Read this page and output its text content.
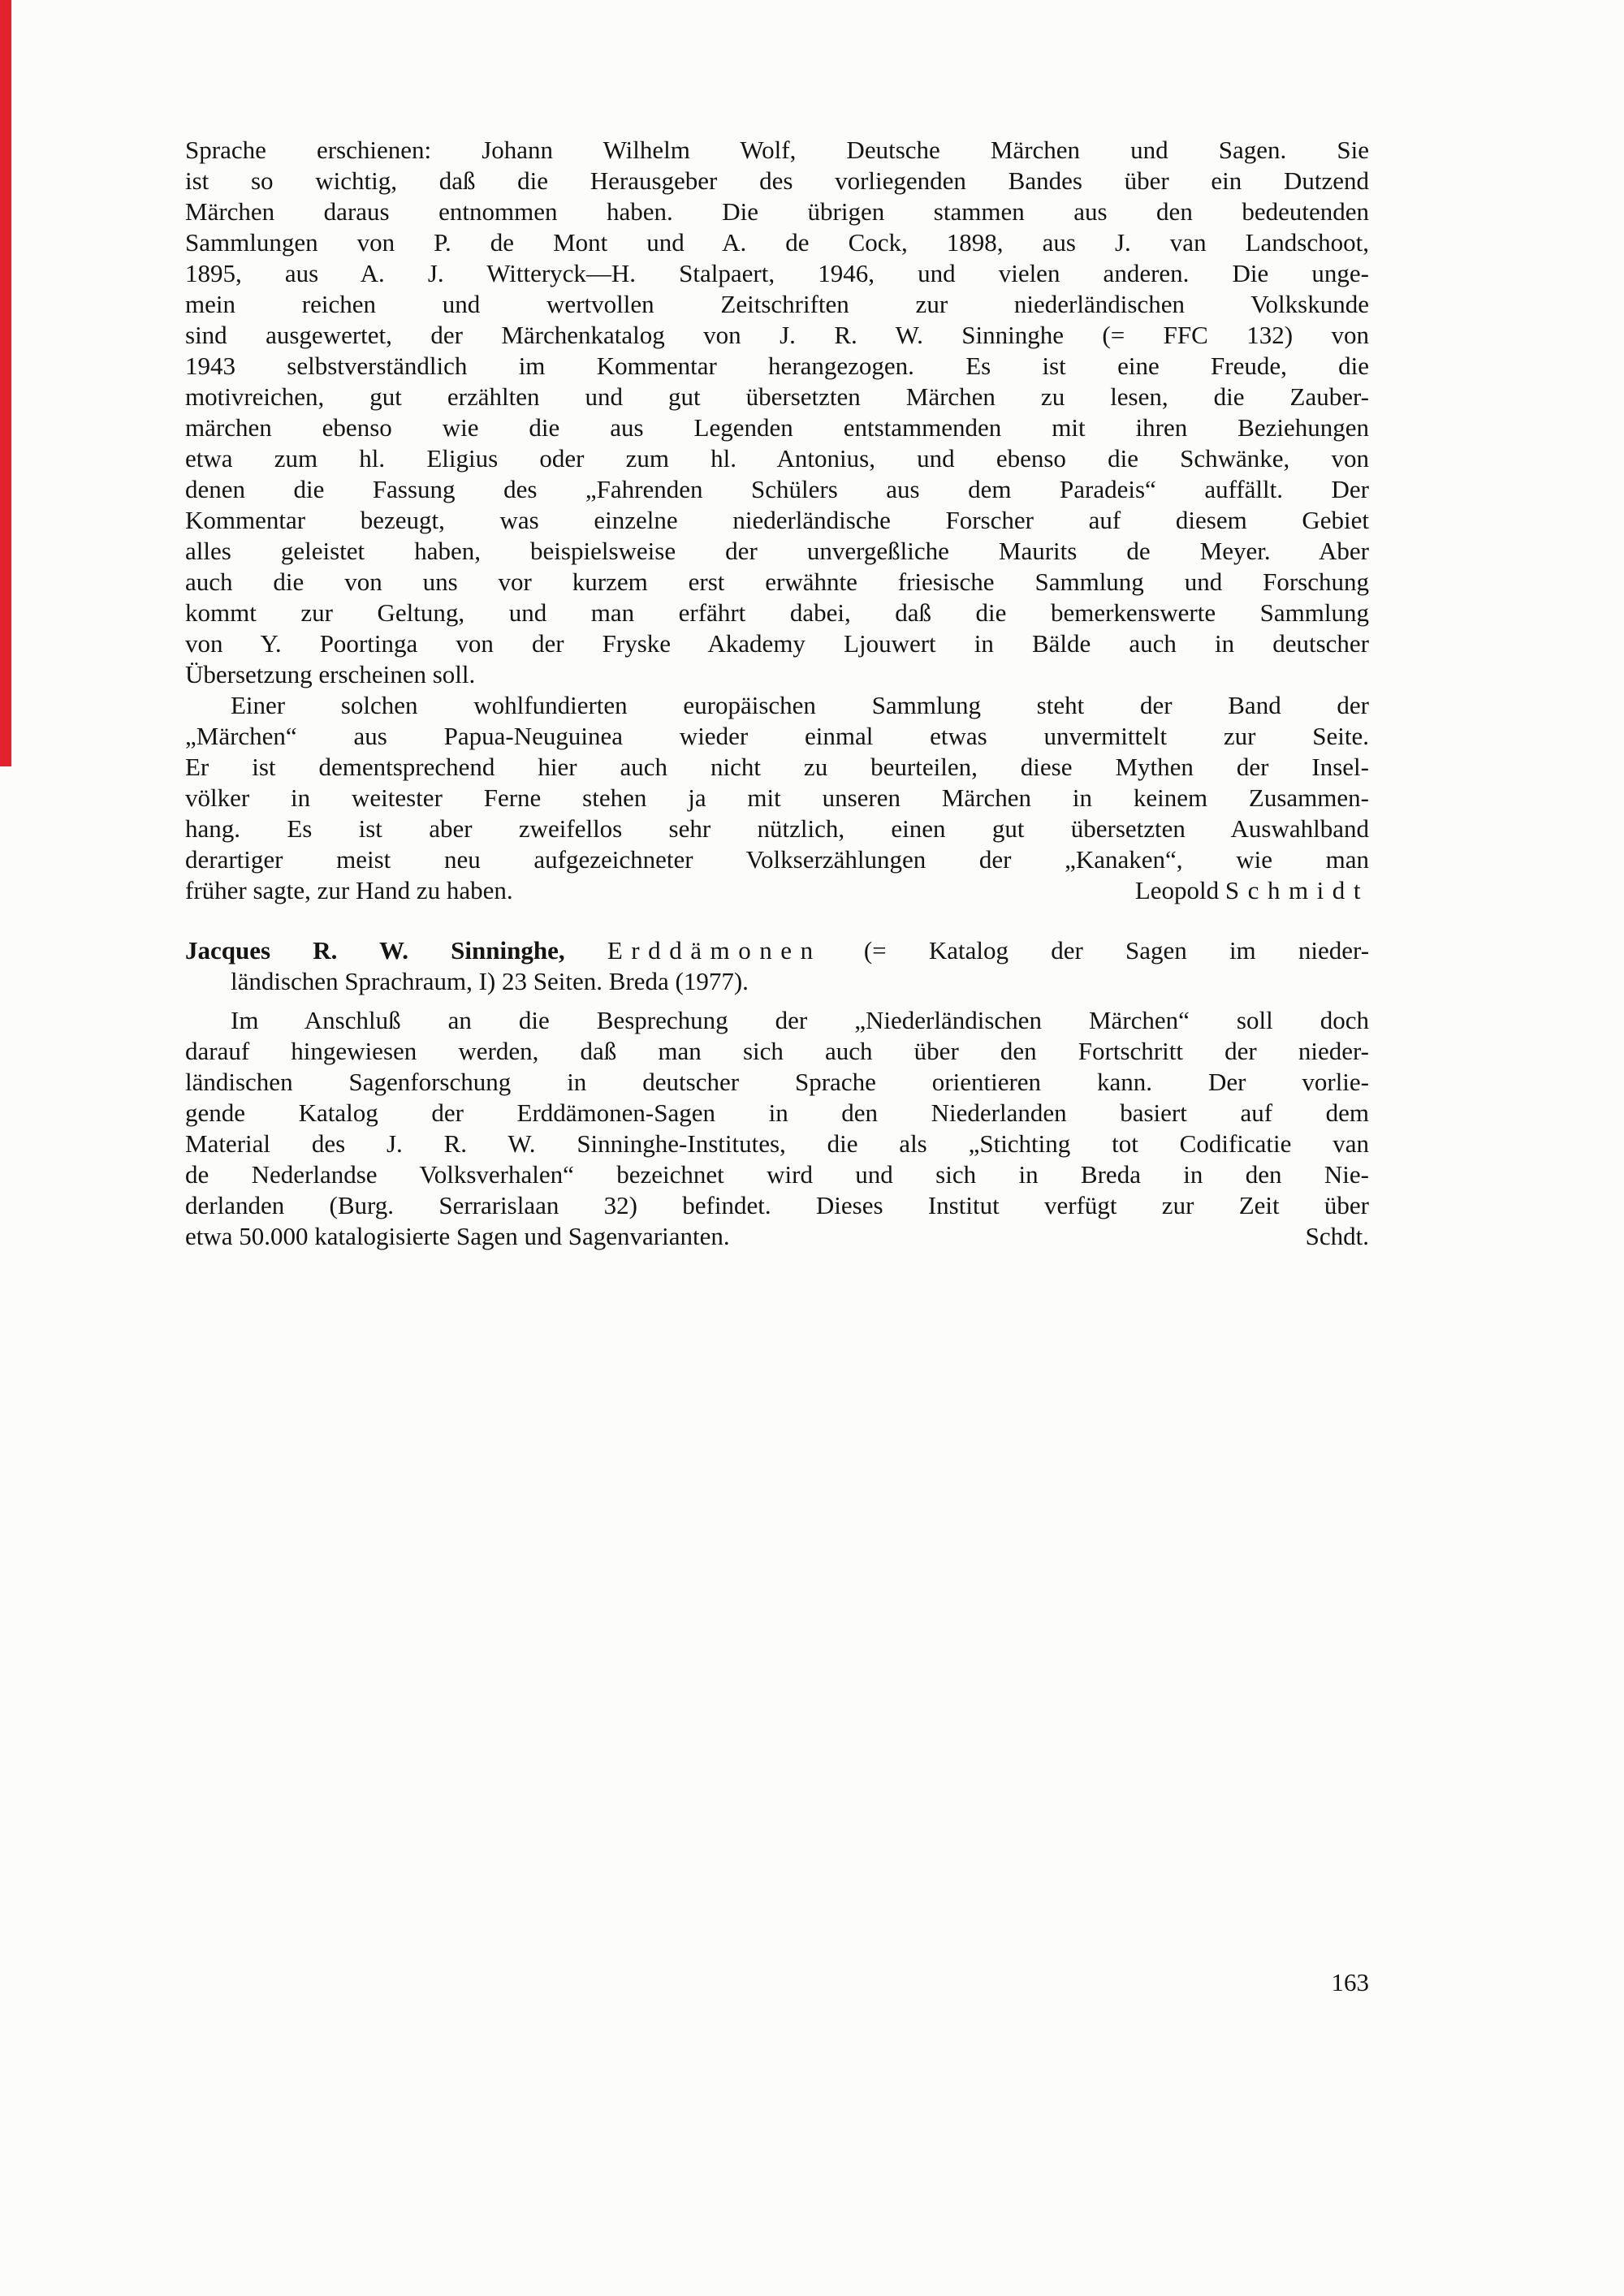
Sprache erschienen: Johann Wilhelm Wolf, Deutsche Märchen und Sagen. Sie
ist so wichtig, daß die Herausgeber des vorliegenden Bandes über ein Dutzend
Märchen daraus entnommen haben. Die übrigen stammen aus den bedeutenden
Sammlungen von P. de Mont und A. de Cock, 1898, aus J. van Landschoot,
1895, aus A. J. Witteryck—H. Stalpaert, 1946, und vielen anderen. Die unge-
mein reichen und wertvollen Zeitschriften zur niederländischen Volkskunde
sind ausgewertet, der Märchenkatalog von J. R. W. Sinninghe (= FFC 132) von
1943 selbstverständlich im Kommentar herangezogen. Es ist eine Freude, die
motivreichen, gut erzählten und gut übersetzten Märchen zu lesen, die Zauber-
märchen ebenso wie die aus Legenden entstammenden mit ihren Beziehungen
etwa zum hl. Eligius oder zum hl. Antonius, und ebenso die Schwänke, von
denen die Fassung des „Fahrenden Schülers aus dem Paradeis“ auffällt. Der
Kommentar bezeugt, was einzelne niederländische Forscher auf diesem Gebiet
alles geleistet haben, beispielsweise der unvergeßliche Maurits de Meyer. Aber
auch die von uns vor kurzem erst erwähnte friesische Sammlung und Forschung
kommt zur Geltung, und man erfährt dabei, daß die bemerkenswerte Sammlung
von Y. Poortinga von der Fryske Akademy Ljouwert in Bälde auch in deutscher
Übersetzung erscheinen soll.

Einer solchen wohlfundierten europäischen Sammlung steht der Band der
„Märchen“ aus Papua-Neuguinea wieder einmal etwas unvermittelt zur Seite.
Er ist dementsprechend hier auch nicht zu beurteilen, diese Mythen der Insel-
völker in weitester Ferne stehen ja mit unseren Märchen in keinem Zusammen-
hang. Es ist aber zweifellos sehr nützlich, einen gut übersetzten Auswahlband
derartiger meist neu aufgezeichneter Volkserzählungen der „Kanaken“, wie man
früher sagte, zur Hand zu haben.	Leopold Schmidt

Jacques R. W. Sinninghe, Erddämonen (= Katalog der Sagen im nieder-
ländischen Sprachraum, I) 23 Seiten. Breda (1977).

Im Anschluß an die Besprechung der „Niederländischen Märchen“ soll doch
darauf hingewiesen werden, daß man sich auch über den Fortschritt der nieder-
ländischen Sagenforschung in deutscher Sprache orientieren kann. Der vorlie-
gende Katalog der Erddämonen-Sagen in den Niederlanden basiert auf dem
Material des J. R. W. Sinninghe-Institutes, die als „Stichting tot Codificatie van
de Nederlandse Volksverhalen“ bezeichnet wird und sich in Breda in den Nie-
derlanden (Burg. Serrarislaan 32) befindet. Dieses Institut verfügt zur Zeit über
etwa 50.000 katalogisierte Sagen und Sagenvarianten.	Schdt.

163
